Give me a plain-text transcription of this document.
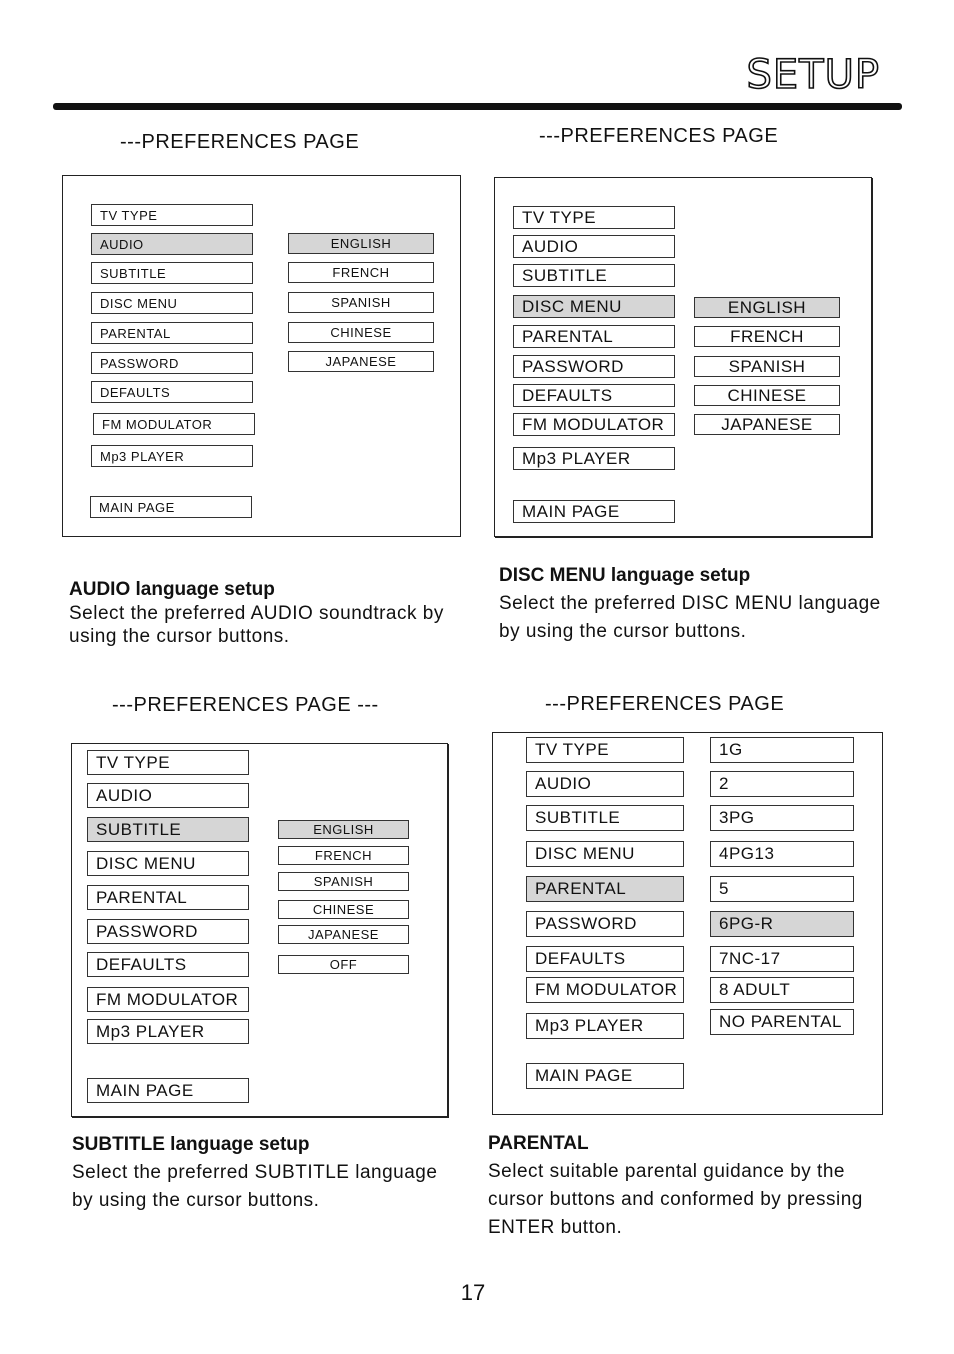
SETUP
---PREFERENCES PAGE
AUDIO language setup
Select the preferred AUDIO soundtrack by using the cursor buttons.
---PREFERENCES PAGE
DISC MENU language setup
Select the preferred DISC MENU language by using the cursor buttons.
---PREFERENCES PAGE ---
SUBTITLE language setup
Select the preferred SUBTITLE language by using the cursor buttons.
---PREFERENCES PAGE
PARENTAL
Select suitable parental guidance by the cursor buttons and conformed by pressing ENTER button.
17
TV TYPE
AUDIO
SUBTITLE
DISC MENU
PARENTAL
PASSWORD
DEFAULTS
FM MODULATOR
Mp3 PLAYER
MAIN PAGE
ENGLISH
FRENCH
SPANISH
CHINESE
JAPANESE
TV TYPE
AUDIO
SUBTITLE
DISC MENU
PARENTAL
PASSWORD
DEFAULTS
FM MODULATOR
Mp3 PLAYER
MAIN PAGE
ENGLISH
FRENCH
SPANISH
CHINESE
JAPANESE
TV TYPE
AUDIO
SUBTITLE
DISC MENU
PARENTAL
PASSWORD
DEFAULTS
FM MODULATOR
Mp3 PLAYER
MAIN PAGE
ENGLISH
FRENCH
SPANISH
CHINESE
JAPANESE
OFF
TV TYPE
AUDIO
SUBTITLE
DISC MENU
PARENTAL
PASSWORD
DEFAULTS
FM MODULATOR
Mp3 PLAYER
MAIN PAGE
1G
2
3PG
4PG13
5
6PG-R
7NC-17
8 ADULT
NO PARENTAL
